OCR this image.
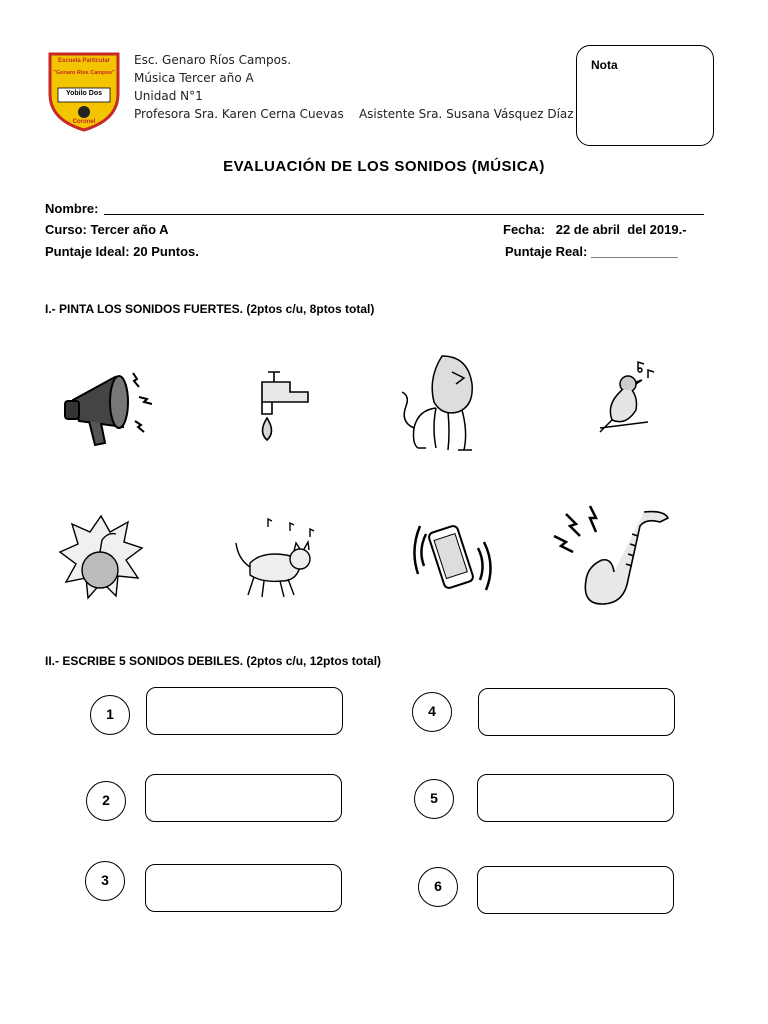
Escuela Particular
"Genaro Rios Campos"
Yobilo Dos
Coronel
Esc. Genaro Ríos Campos.
Música Tercer año A
Unidad N°1
Profesora Sra. Karen Cerna Cuevas    Asistente Sra. Susana Vásquez Díaz
Nota
EVALUACIÓN DE LOS SONIDOS (MÚSICA)
Nombre:
Curso: Tercer año A	Fecha:   22 de abril  del 2019.-
Puntaje Ideal: 20 Puntos.	Puntaje Real: ____________
I.- PINTA LOS SONIDOS FUERTES. (2ptos c/u, 8ptos total)
II.- ESCRIBE 5 SONIDOS DEBILES. (2ptos c/u, 12ptos total)
1
2
3
4
5
6
